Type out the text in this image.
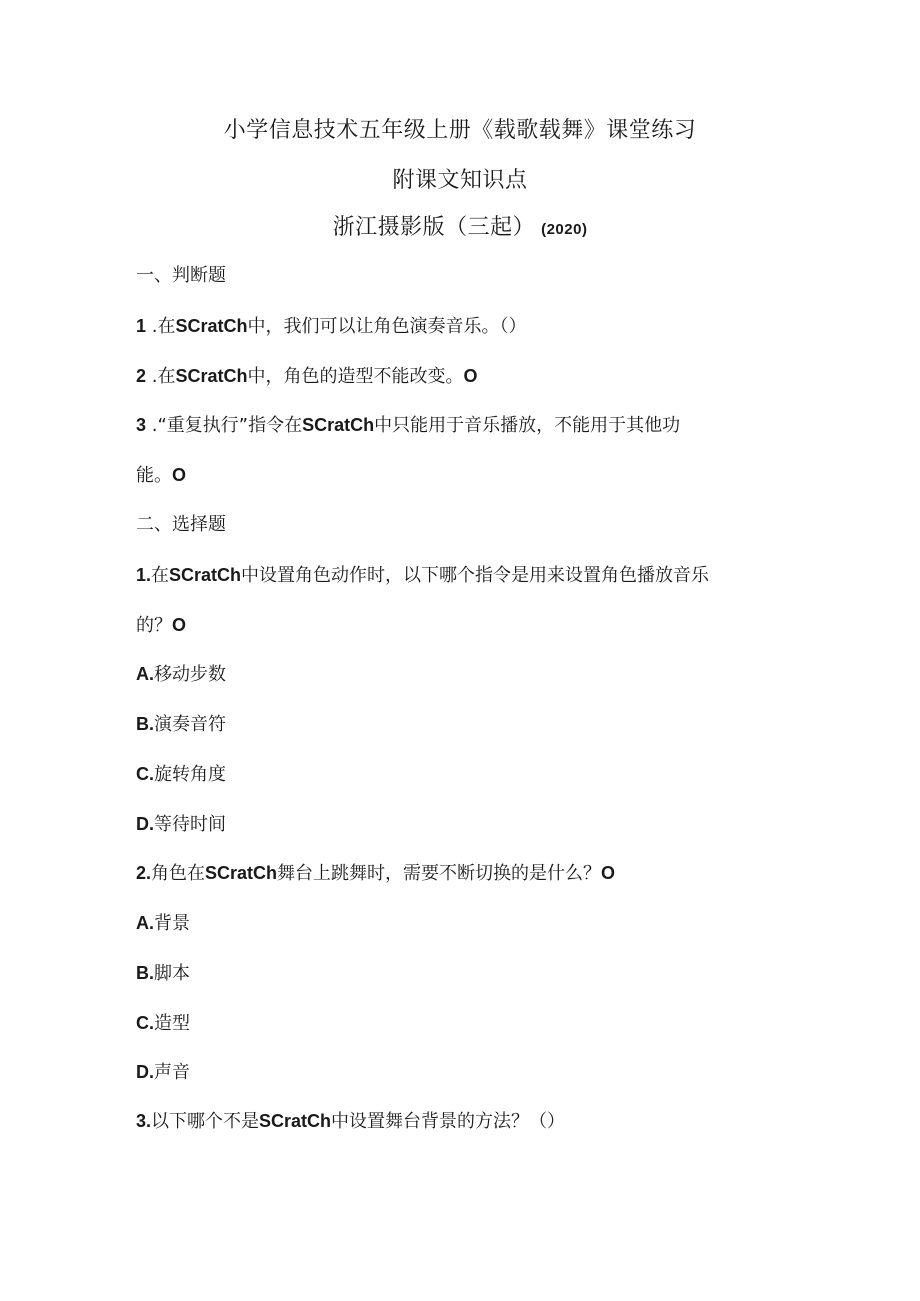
小学信息技术五年级上册《载歌载舞》课堂练习
附课文知识点
浙江摄影版（三起） (2020)
一、判断题
1 .在SCratCh中，我们可以让角色演奏音乐。（）
2 .在SCratCh中，角色的造型不能改变。O
3 .“重复执行”指令在SCratCh中只能用于音乐播放，不能用于其他功
能。O
二、选择题
1.在SCratCh中设置角色动作时，以下哪个指令是用来设置角色播放音乐
的？O
A.移动步数
B.演奏音符
C.旋转角度
D.等待时间
2.角色在SCratCh舞台上跳舞时，需要不断切换的是什么？O
A.背景
B.脚本
C.造型
D.声音
3.以下哪个不是SCratCh中设置舞台背景的方法？（）
